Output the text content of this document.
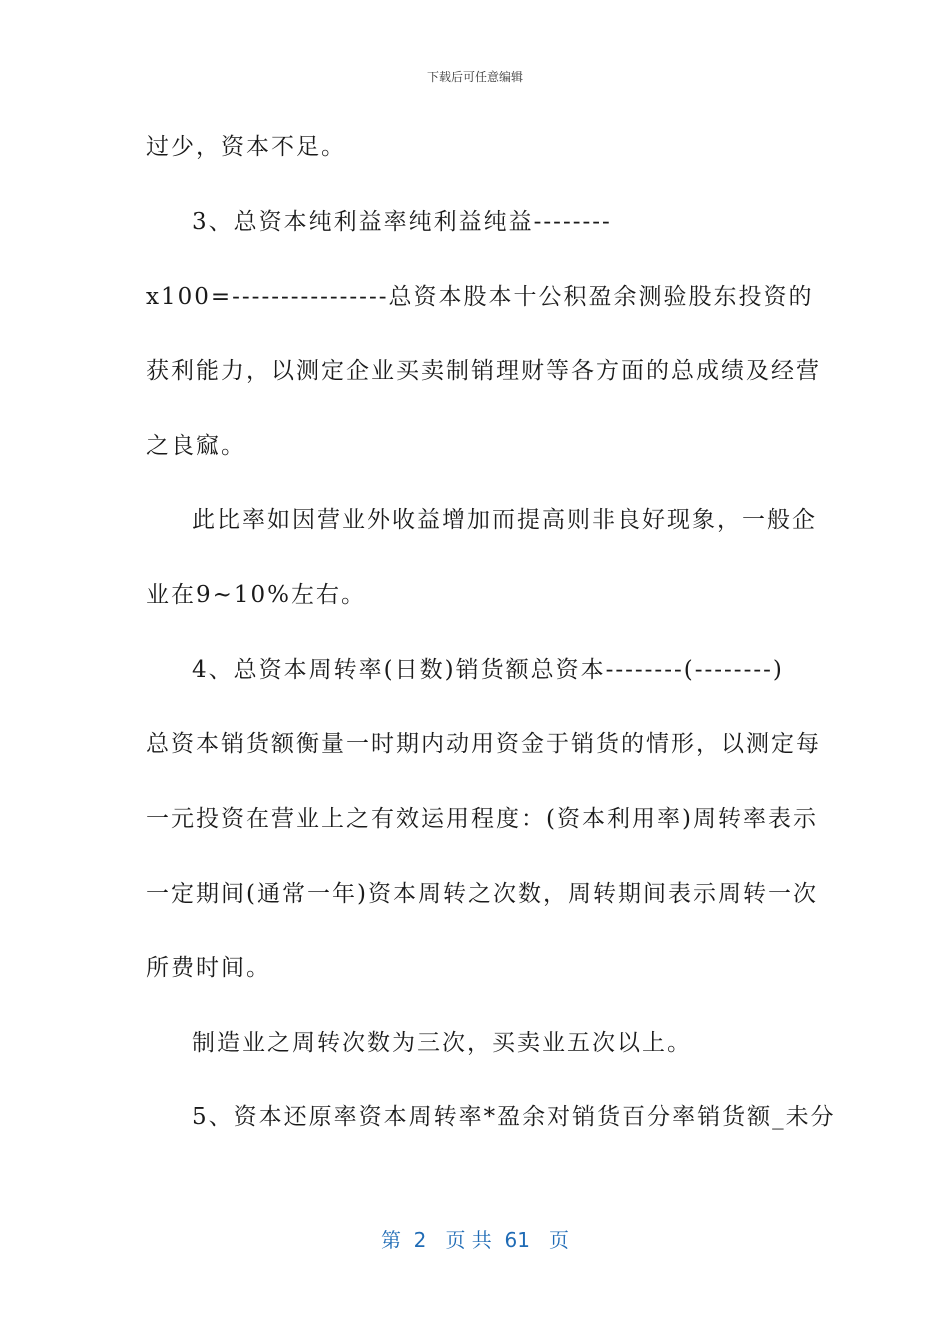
下载后可任意编辑
过少，资本不足。
3、总资本纯利益率纯利益纯益--------
x100=----------------总资本股本十公积盈余测验股东投资的
获利能力，以测定企业买卖制销理财等各方面的总成绩及经营
之良窳。
此比率如因营业外收益增加而提高则非良好现象，一般企
业在9~10%左右。
4、总资本周转率(日数)销货额总资本--------(--------)
总资本销货额衡量一时期内动用资金于销货的情形，以测定每
一元投资在营业上之有效运用程度：(资本利用率)周转率表示
一定期间(通常一年)资本周转之次数，周转期间表示周转一次
所费时间。
制造业之周转次数为三次，买卖业五次以上。
5、资本还原率资本周转率*盈余对销货百分率销货额_未分
第  2   页 共  61   页
